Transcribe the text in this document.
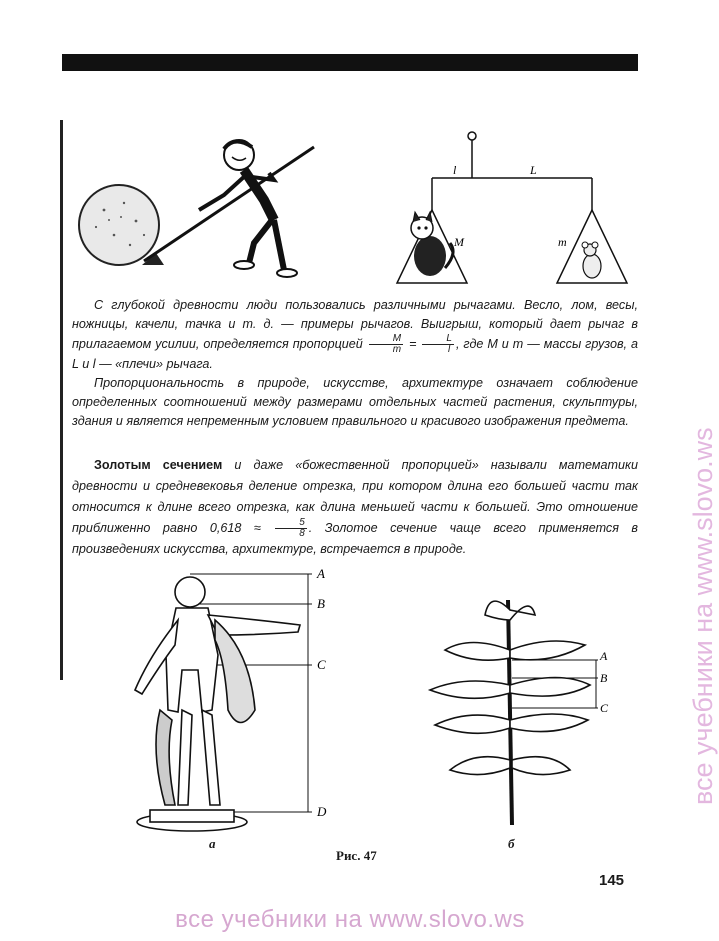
l	L
M	m

С глубокой древности люди пользовались различными рычагами. Весло, лом, весы, ножницы, качели, тачка и т. д. — примеры рычагов. Выигрыш, который дает рычаг в прилагаемом усилии, определяется пропорцией $\frac{M}{m} = \frac{L}{l}$ , где M и m — массы грузов, а L и l — «плечи» рычага.

Пропорциональность в природе, искусстве, архитектуре означает соблюдение определенных соотношений между размерами отдельных частей растения, скульптуры, здания и является непременным условием правильного и красивого изображения предмета.

Золотым сечением и даже «божественной пропорцией» называли математики древности и средневековья деление отрезка, при котором длина его большей части так относится к длине всего отрезка, как длина меньшей части к большей. Это отношение приближенно равно $0,618 \approx \frac{5}{8}$ . Золотое сечение чаще всего применяется в произведениях искусства, архитектуре, встречается в природе.

A
B
C
D
A
B
C
а	б
Рис. 47
145
все учебники на www.slovo.ws
все учебники на www.slovo.ws
